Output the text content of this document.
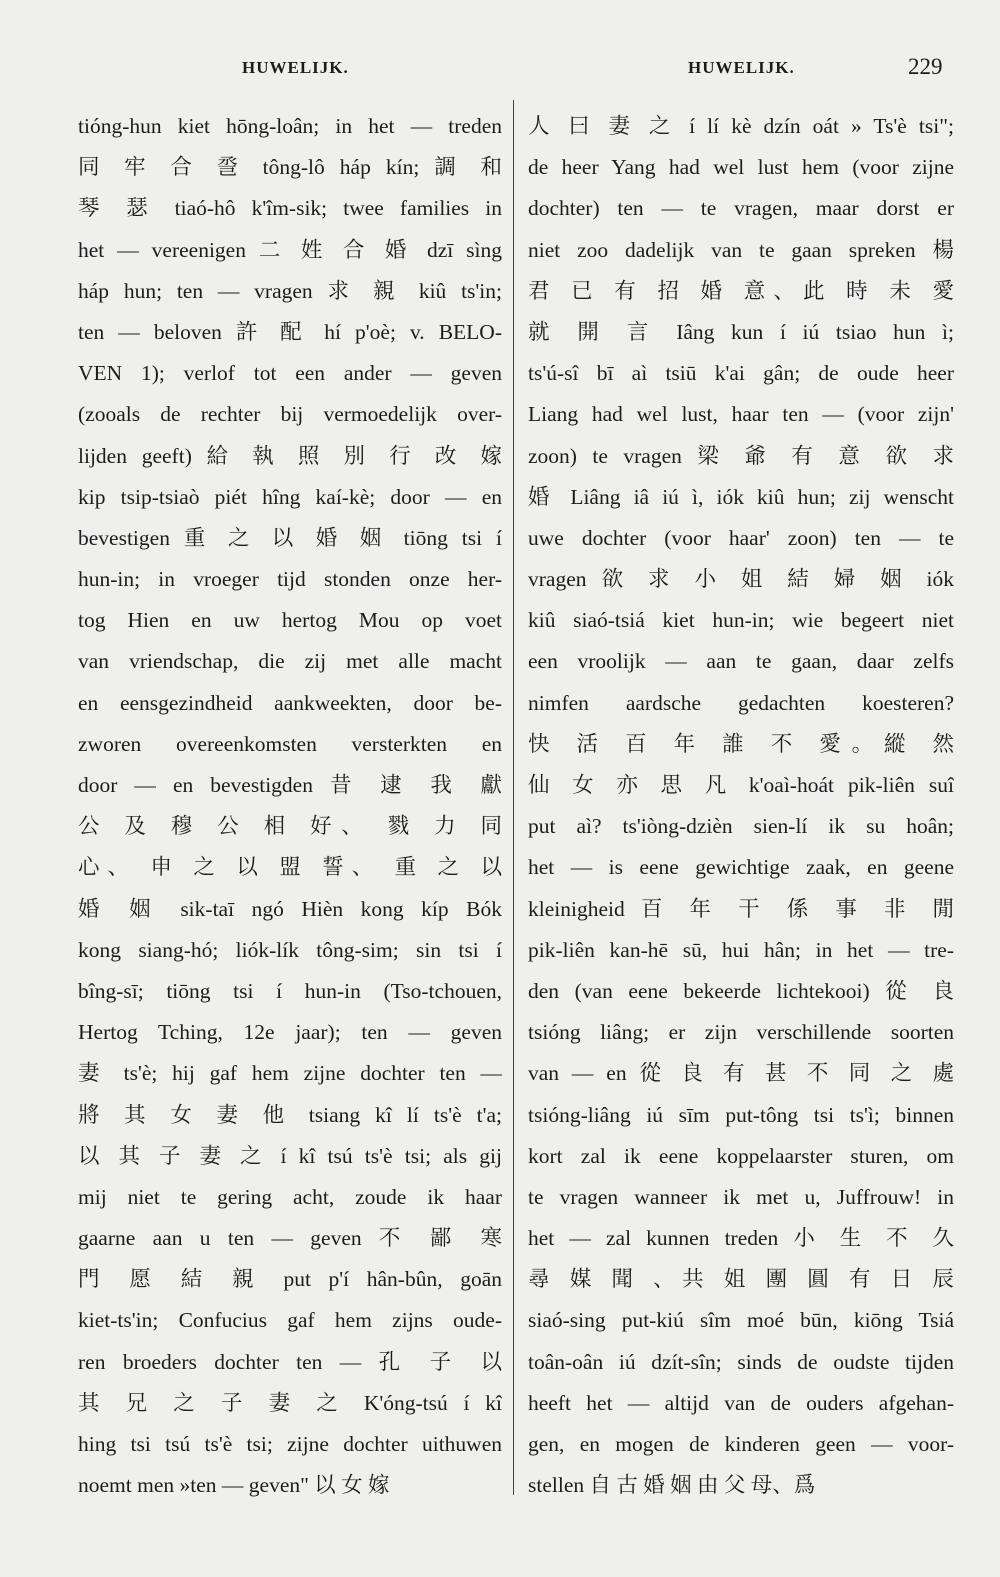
HUWELIJK.	HUWELIJK.	229
tióng-hun kiet hōng-loân; in het — treden
同 牢 合 巹 tông-lô háp kín; 調 和
琴 瑟 tiaó-hô k'îm-sik; twee families in
het — vereenigen 二 姓 合 婚 dzī sìng
háp hun; ten — vragen 求 親 kiû ts'in;
ten — beloven 許 配 hí p'oè; v. BELO-
VEN 1); verlof tot een ander — geven
(zooals de rechter bij vermoedelijk over-
lijden geeft) 給 執 照 別 行 改 嫁
kip tsip-tsiaò piét hîng kaí-kè; door — en
bevestigen 重 之 以 婚 姻 tiōng tsi í
hun-in; in vroeger tijd stonden onze her-
tog Hien en uw hertog Mou op voet
van vriendschap, die zij met alle macht
en eensgezindheid aankweekten, door be-
zworen overeenkomsten versterkten en
door — en bevestigden 昔 逮 我 獻
公 及 穆 公 相 好、 戮 力 同
心、 申 之 以 盟 誓、 重 之 以
婚 姻 sik-taī ngó Hièn kong kíp Bók
kong siang-hó; liók-lík tông-sim; sin tsi í
bîng-sī; tiōng tsi í hun-in (Tso-tchouen,
Hertog Tching, 12e jaar); ten — geven
妻 ts'è; hij gaf hem zijne dochter ten —
將 其 女 妻 他 tsiang kî lí ts'è t'a;
以 其 子 妻 之 í kî tsú ts'è tsi; als gij
mij niet te gering acht, zoude ik haar
gaarne aan u ten — geven 不 鄙 寒
門 愿 結 親 put p'í hân-bûn, goān
kiet-ts'in; Confucius gaf hem zijns oude-
ren broeders dochter ten — 孔 子 以
其 兄 之 子 妻 之 K'óng-tsú í kî
hing tsi tsú ts'è tsi; zijne dochter uithuwen
noemt men »ten — geven" 以 女 嫁
人 曰 妻 之 í lí kè dzín oát » Ts'è tsi";
de heer Yang had wel lust hem (voor zijne
dochter) ten — te vragen, maar dorst er
niet zoo dadelijk van te gaan spreken 楊
君 已 有 招 婚 意、此 時 未 愛
就 開 言 Iâng kun í iú tsiao hun ì;
ts'ú-sî bī aì tsiū k'ai gân; de oude heer
Liang had wel lust, haar ten — (voor zijn'
zoon) te vragen 梁 爺 有 意 欲 求
婚 Liâng iâ iú ì, iók kiû hun; zij wenscht
uwe dochter (voor haar' zoon) ten — te
vragen 欲 求 小 姐 結 婦 姻 iók
kiû siaó-tsiá kiet hun-in; wie begeert niet
een vroolijk — aan te gaan, daar zelfs
nimfen aardsche gedachten koesteren?
快 活 百 年 誰 不 愛。縱 然
仙 女 亦 思 凡 k'oaì-hoát pik-liên suî
put aì? ts'iòng-dzièn sien-lí ik su hoân;
het — is eene gewichtige zaak, en geene
kleinigheid 百 年 干 係 事 非 閒
pik-liên kan-hē sū, hui hân; in het — tre-
den (van eene bekeerde lichtekooi) 從 良
tsióng liâng; er zijn verschillende soorten
van — en 從 良 有 甚 不 同 之 處
tsióng-liâng iú sīm put-tông tsi ts'ì; binnen
kort zal ik eene koppelaarster sturen, om
te vragen wanneer ik met u, Juffrouw! in
het — zal kunnen treden 小 生 不 久
尋 媒 聞 、共 姐 團 圓 有 日 辰
siaó-sing put-kiú sîm moé būn, kiōng Tsiá
toân-oân iú dzít-sîn; sinds de oudste tijden
heeft het — altijd van de ouders afgehan-
gen, en mogen de kinderen geen — voor-
stellen 自 古 婚 姻 由 父 母、爲
